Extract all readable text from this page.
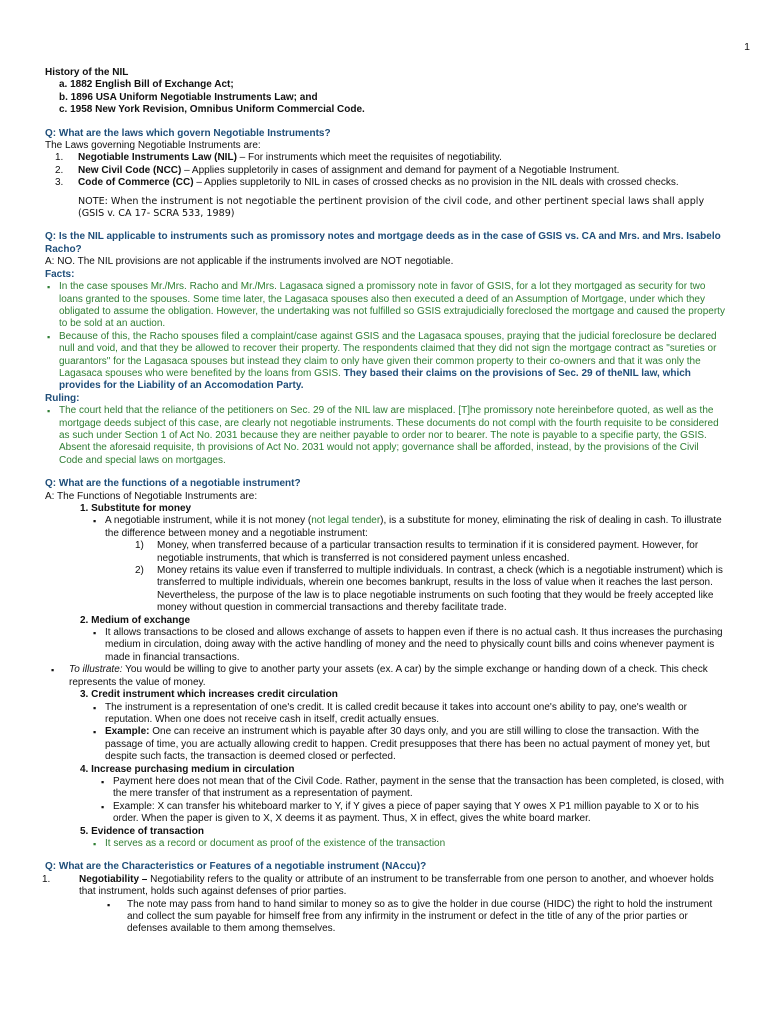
1
History of the NIL
a. 1882 English Bill of Exchange Act;
b. 1896 USA Uniform Negotiable Instruments Law; and
c. 1958 New York Revision, Omnibus Uniform Commercial Code.
Q: What are the laws which govern Negotiable Instruments?
The Laws governing Negotiable Instruments are:
1.	Negotiable Instruments Law (NIL) – For instruments which meet the requisites of negotiability.
2.	New Civil Code (NCC) – Applies suppletorily in cases of assignment and demand for payment of a Negotiable Instrument.
3.	Code of Commerce (CC) – Applies suppletorily to NIL in cases of crossed checks as no provision in the NIL deals with crossed checks.
NOTE: When the instrument is not negotiable the pertinent provision of the civil code, and other pertinent special laws shall apply (GSIS v. CA 17- SCRA 533, 1989)
Q: Is the NIL applicable to instruments such as promissory notes and mortgage deeds as in the case of GSIS vs. CA and Mrs. and Mrs. Isabelo Racho?
A: NO. The NIL provisions are not applicable if the instruments involved are NOT negotiable.
Facts:
▪ In the case spouses Mr./Mrs. Racho and Mr./Mrs. Lagasaca signed a promissory note in favor of GSIS, for a lot they mortgaged as security for two loans granted to the spouses. Some time later, the Lagasaca spouses also then executed a deed of an Assumption of Mortgage, under which they obligated to assume the obligation. However, the undertaking was not fulfilled so GSIS extrajudicially foreclosed the mortgage and caused the property to be sold at an auction.
▪ Because of this, the Racho spouses filed a complaint/case against GSIS and the Lagasaca spouses, praying that the judicial foreclosure be declared null and void, and that they be allowed to recover their property. The respondents claimed that they did not sign the mortgage contract as "sureties or guarantors" for the Lagasaca spouses but instead they claim to only have given their common property to their co-owners and that it was only the Lagasaca spouses who were benefited by the loans from GSIS. They based their claims on the provisions of Sec. 29 of theNIL law, which provides for the Liability of an Accomodation Party.
Ruling:
▪ The court held that the reliance of the petitioners on Sec. 29 of the NIL law are misplaced. [T]he promissory note hereinbefore quoted, as well as the mortgage deeds subject of this case, are clearly not negotiable instruments. These documents do not compl with the fourth requisite to be considered as such under Section 1 of Act No. 2031 because they are neither payable to order nor to bearer. The note is payable to a specifie party, the GSIS. Absent the aforesaid requisite, th provisions of Act No. 2031 would not apply; governance shall be afforded, instead, by the provisions of the Civil Code and special laws on mortgages.
Q: What are the functions of a negotiable instrument?
A: The Functions of Negotiable Instruments are:
1. Substitute for money
▪ A negotiable instrument, while it is not money (not legal tender), is a substitute for money, eliminating the risk of dealing in cash. To illustrate the difference between money and a negotiable instrument:
1)	Money, when transferred because of a particular transaction results to termination if it is considered payment. However, for negotiable instruments, that which is transferred is not considered payment unless encashed.
2)	Money retains its value even if transferred to multiple individuals. In contrast, a check (which is a negotiable instrument) which is transferred to multiple individuals, wherein one becomes bankrupt, results in the loss of value when it reaches the last person. Nevertheless, the purpose of the law is to place negotiable instruments on such footing that they would be freely accepted like money without question in commercial transactions and thereby facilitate trade.
2. Medium of exchange
▪ It allows transactions to be closed and allows exchange of assets to happen even if there is no actual cash. It thus increases the purchasing medium in circulation, doing away with the active handling of money and the need to physically count bills and coins whenever payment is made in financial transactions.
▪ To illustrate: You would be willing to give to another party your assets (ex. A car) by the simple exchange or handing down of a check. This check represents the value of money.
3. Credit instrument which increases credit circulation
▪ The instrument is a representation of one's credit. It is called credit because it takes into account one's ability to pay, one's wealth or reputation. When one does not receive cash in itself, credit actually ensues.
▪ Example: One can receive an instrument which is payable after 30 days only, and you are still willing to close the transaction. With the passage of time, you are actually allowing credit to happen. Credit presupposes that there has been no actual payment of money yet, but despite such facts, the transaction is deemed closed or perfected.
4. Increase purchasing medium in circulation
▪ Payment here does not mean that of the Civil Code. Rather, payment in the sense that the transaction has been completed, is closed, with the mere transfer of that instrument as a representation of payment.
▪ Example: X can transfer his whiteboard marker to Y, if Y gives a piece of paper saying that Y owes X P1 million payable to X or to his order. When the paper is given to X, X deems it as payment. Thus, X in effect, gives the white board marker.
5. Evidence of transaction
▪ It serves as a record or document as proof of the existence of the transaction
Q: What are the Characteristics or Features of a negotiable instrument (NAccu)?
1.	Negotiability – Negotiability refers to the quality or attribute of an instrument to be transferrable from one person to another, and whoever holds that instrument, holds such against defenses of prior parties.
▪ The note may pass from hand to hand similar to money so as to give the holder in due course (HIDC) the right to hold the instrument and collect the sum payable for himself free from any infirmity in the instrument or defect in the title of any of the prior parties or defenses available to them among themselves.
